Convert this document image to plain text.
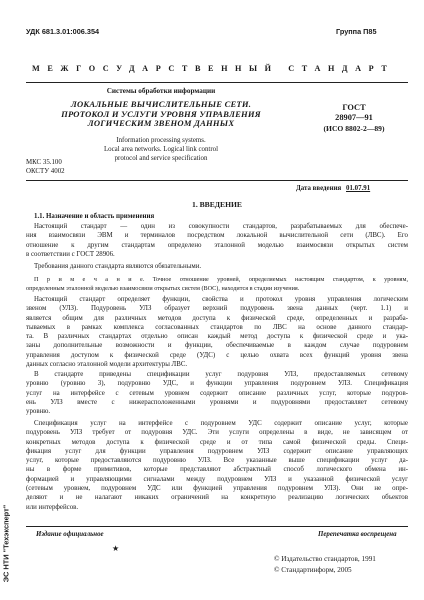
УДК 681.3.01:006.354	Группа П85
МЕЖГОСУДАРСТВЕННЫЙ СТАНДАРТ
Системы обработки информации
ЛОКАЛЬНЫЕ ВЫЧИСЛИТЕЛЬНЫЕ СЕТИ.
ПРОТОКОЛ И УСЛУГИ УРОВНЯ УПРАВЛЕНИЯ
ЛОГИЧЕСКИМ ЗВЕНОМ ДАННЫХ
ГОСТ
28907—91
(ИСО 8802-2—89)
Information processing systems.
Local area networks. Logical link control
protocol and service specification
МКС 35.100
ОКСТУ 4002
Дата введения 01.07.91
1. ВВЕДЕНИЕ
1.1. Назначение и область применения
Настоящий стандарт — один из совокупности стандартов, разрабатываемых для обеспече-
ния взаимосвязи ЭВМ и терминалов посредством локальной вычислительной сети (ЛВС). Его
отношение к другим стандартам определено эталонной моделью взаимосвязи открытых систем
в соответствии с ГОСТ 28906.
Требования данного стандарта являются обязательными.
П р и м е ч а н и е. Точное отношение уровней, определяемых настоящим стандартом, к уровням,
определенным эталонной моделью взаимосвязи открытых систем (ВОС), находится в стадии изучения.
Настоящий стандарт определяет функции, свойства и протокол уровня управления логическим
звеном (УЛЗ). Подуровень УЛЗ образует верхний подуровень звена данных (черт. 1.1) и
является общим для различных методов доступа к физической среде, определенных и разраба-
тываемых в рамках комплекса согласованных стандартов по ЛВС на основе данного стандар-
та. В различных стандартах отдельно описан каждый метод доступа к физической среде и ука-
заны дополнительные возможности и функции, обеспечиваемые в каждом случае подуровнем
управления доступом к физической среде (УДС) с целью охвата всех функций уровня звена
данных согласно эталонной модели архитектуры ЛВС.
В стандарте приведены спецификации услуг подуровня УЛЗ, предоставляемых сетевому
уровню (уровню 3), подуровню УДС, и функции управления подуровнем УЛЗ. Спецификация
услуг на интерфейсе с сетевым уровнем содержит описание различных услуг, которые подуров-
ень УЛЗ вместе с нижерасположенными уровнями и подуровнями предоставляет сетевому
уровню.
Спецификация услуг на интерфейсе с подуровнем УДС содержит описание услуг, которые
подуровень УЛЗ требует от подуровня УДС. Эти услуги определены в виде, не зависящем от
конкретных методов доступа к физической среде и от типа самой физической среды. Специ-
фикация услуг для функции управления подуровнем УЛЗ содержит описание управляющих
услуг, которые предоставляются подуровню УЛЗ. Все указанные выше спецификации услуг да-
ны в форме примитивов, которые представляют абстрактный способ логического обмена ин-
формацией и управляющими сигналами между подуровнем УЛЗ и указанной физической услуг
(сетевым уровнем, подуровнем УДС или функцией управления подуровнем УЛЗ). Они не опре-
деляют и не налагают никаких ограничений на конкретную реализацию логических объектов
или интерфейсов.
Издание официальное	Перепечатка воспрещена
★
© Издательство стандартов, 1991
© Стандартинформ, 2005
ЭС НТИ "Техэксперт"
